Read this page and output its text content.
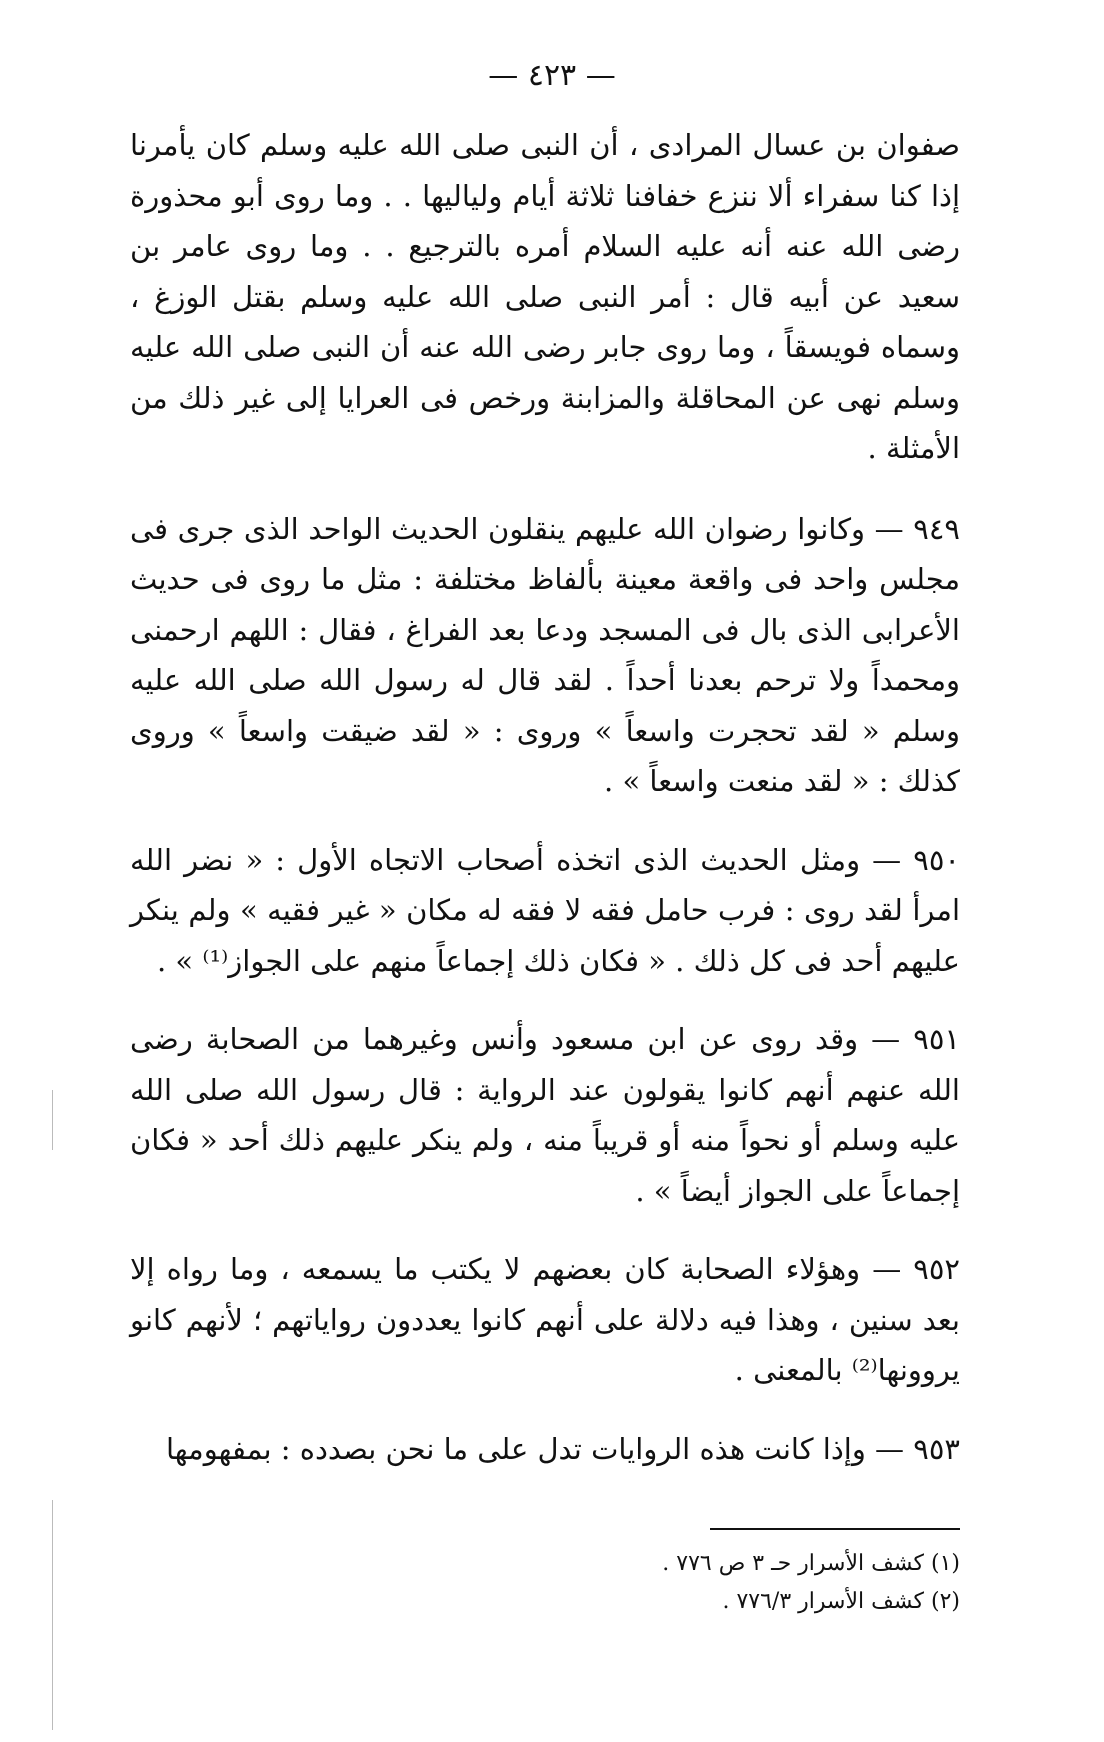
— ٤٢٣ —

صفوان بن عسال المرادى ، أن النبى صلى الله عليه وسلم كان يأمرنا إذا كنا سفراء ألا ننزع خفافنا ثلاثة أيام ولياليها . . وما روى أبو محذورة رضى الله عنه أنه عليه السلام أمره بالترجيع . . وما روى عامر بن سعيد عن أبيه قال : أمر النبى صلى الله عليه وسلم بقتل الوزغ ، وسماه فويسقاً ، وما روى جابر رضى الله عنه أن النبى صلى الله عليه وسلم نهى عن المحاقلة والمزابنة ورخص فى العرايا إلى غير ذلك من الأمثلة .

٩٤٩ — وكانوا رضوان الله عليهم ينقلون الحديث الواحد الذى جرى فى مجلس واحد فى واقعة معينة بألفاظ مختلفة : مثل ما روى فى حديث الأعرابى الذى بال فى المسجد ودعا بعد الفراغ ، فقال : اللهم ارحمنى ومحمداً ولا ترحم بعدنا أحداً . لقد قال له رسول الله صلى الله عليه وسلم « لقد تحجرت واسعاً » وروى : « لقد ضيقت واسعاً » وروى كذلك : « لقد منعت واسعاً » .

٩٥٠ — ومثل الحديث الذى اتخذه أصحاب الاتجاه الأول : « نضر الله امرأ لقد روى : فرب حامل فقه لا فقه له مكان « غير فقيه » ولم ينكر عليهم أحد فى كل ذلك . « فكان ذلك إجماعاً منهم على الجواز⁽¹⁾ » .

٩٥١ — وقد روى عن ابن مسعود وأنس وغيرهما من الصحابة رضى الله عنهم أنهم كانوا يقولون عند الرواية : قال رسول الله صلى الله عليه وسلم أو نحواً منه أو قريباً منه ، ولم ينكر عليهم ذلك أحد « فكان إجماعاً على الجواز أيضاً » .

٩٥٢ — وهؤلاء الصحابة كان بعضهم لا يكتب ما يسمعه ، وما رواه إلا بعد سنين ، وهذا فيه دلالة على أنهم كانوا يعددون رواياتهم ؛ لأنهم كانو يروونها⁽²⁾ بالمعنى .

٩٥٣ — وإذا كانت هذه الروايات تدل على ما نحن بصدده : بمفهومها

(١) كشف الأسرار حـ ٣ ص ٧٧٦ .
(٢) كشف الأسرار ٧٧٦/٣ .
